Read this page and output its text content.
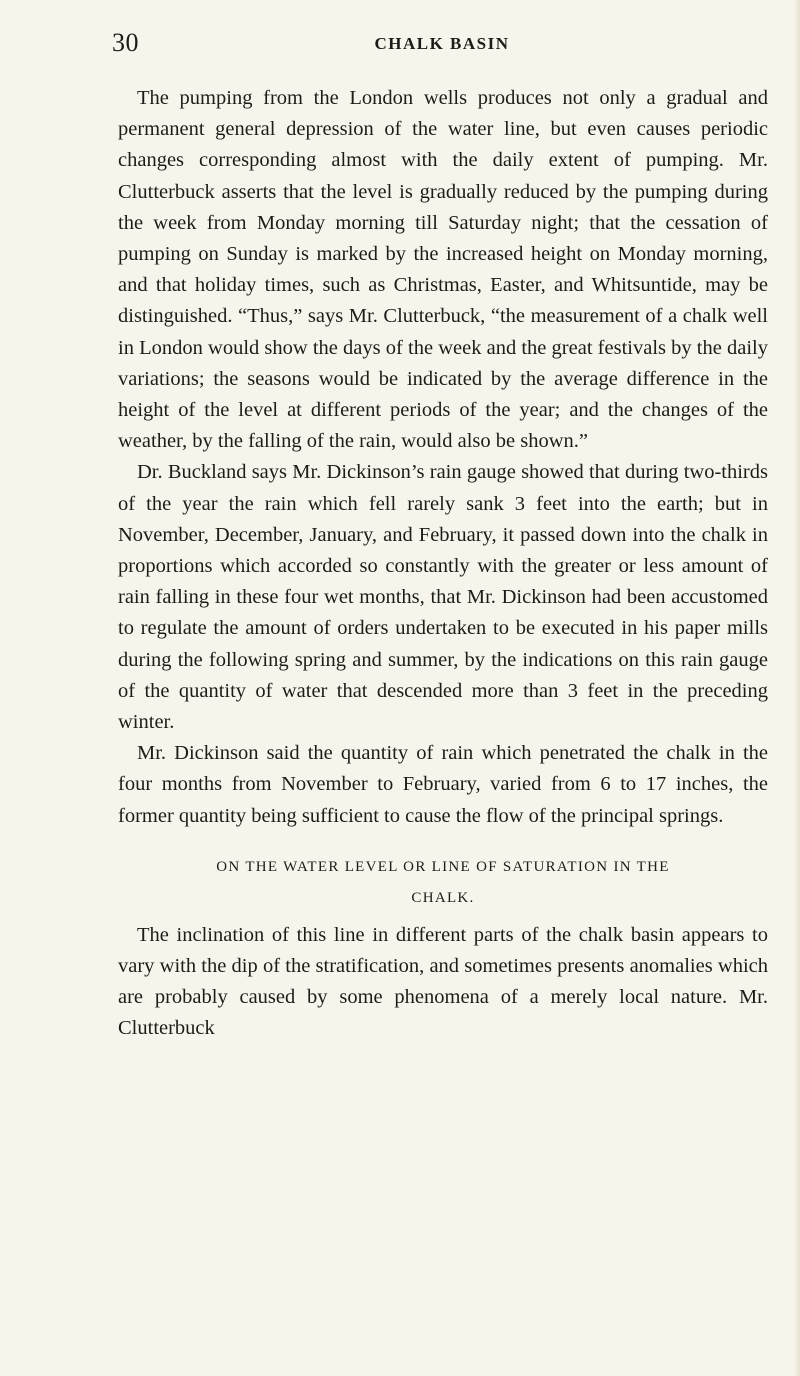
30	CHALK BASIN

The pumping from the London wells produces not only a gradual and permanent general depression of the water line, but even causes periodic changes corresponding almost with the daily extent of pumping. Mr. Clutterbuck asserts that the level is gradually reduced by the pumping during the week from Monday morning till Saturday night; that the cessation of pumping on Sunday is marked by the increased height on Monday morning, and that holiday times, such as Christmas, Easter, and Whitsuntide, may be distinguished. “Thus,” says Mr. Clutterbuck, “the measurement of a chalk well in London would show the days of the week and the great festivals by the daily variations; the seasons would be indicated by the average difference in the height of the level at different periods of the year; and the changes of the weather, by the falling of the rain, would also be shown.”

Dr. Buckland says Mr. Dickinson’s rain gauge showed that during two-thirds of the year the rain which fell rarely sank 3 feet into the earth; but in November, December, January, and February, it passed down into the chalk in proportions which accorded so constantly with the greater or less amount of rain falling in these four wet months, that Mr. Dickinson had been accustomed to regulate the amount of orders undertaken to be executed in his paper mills during the following spring and summer, by the indications on this rain gauge of the quantity of water that descended more than 3 feet in the preceding winter.

Mr. Dickinson said the quantity of rain which penetrated the chalk in the four months from November to February, varied from 6 to 17 inches, the former quantity being sufficient to cause the flow of the principal springs.

ON THE WATER LEVEL OR LINE OF SATURATION IN THE
CHALK.

The inclination of this line in different parts of the chalk basin appears to vary with the dip of the stratification, and sometimes presents anomalies which are probably caused by some phenomena of a merely local nature. Mr. Clutterbuck
